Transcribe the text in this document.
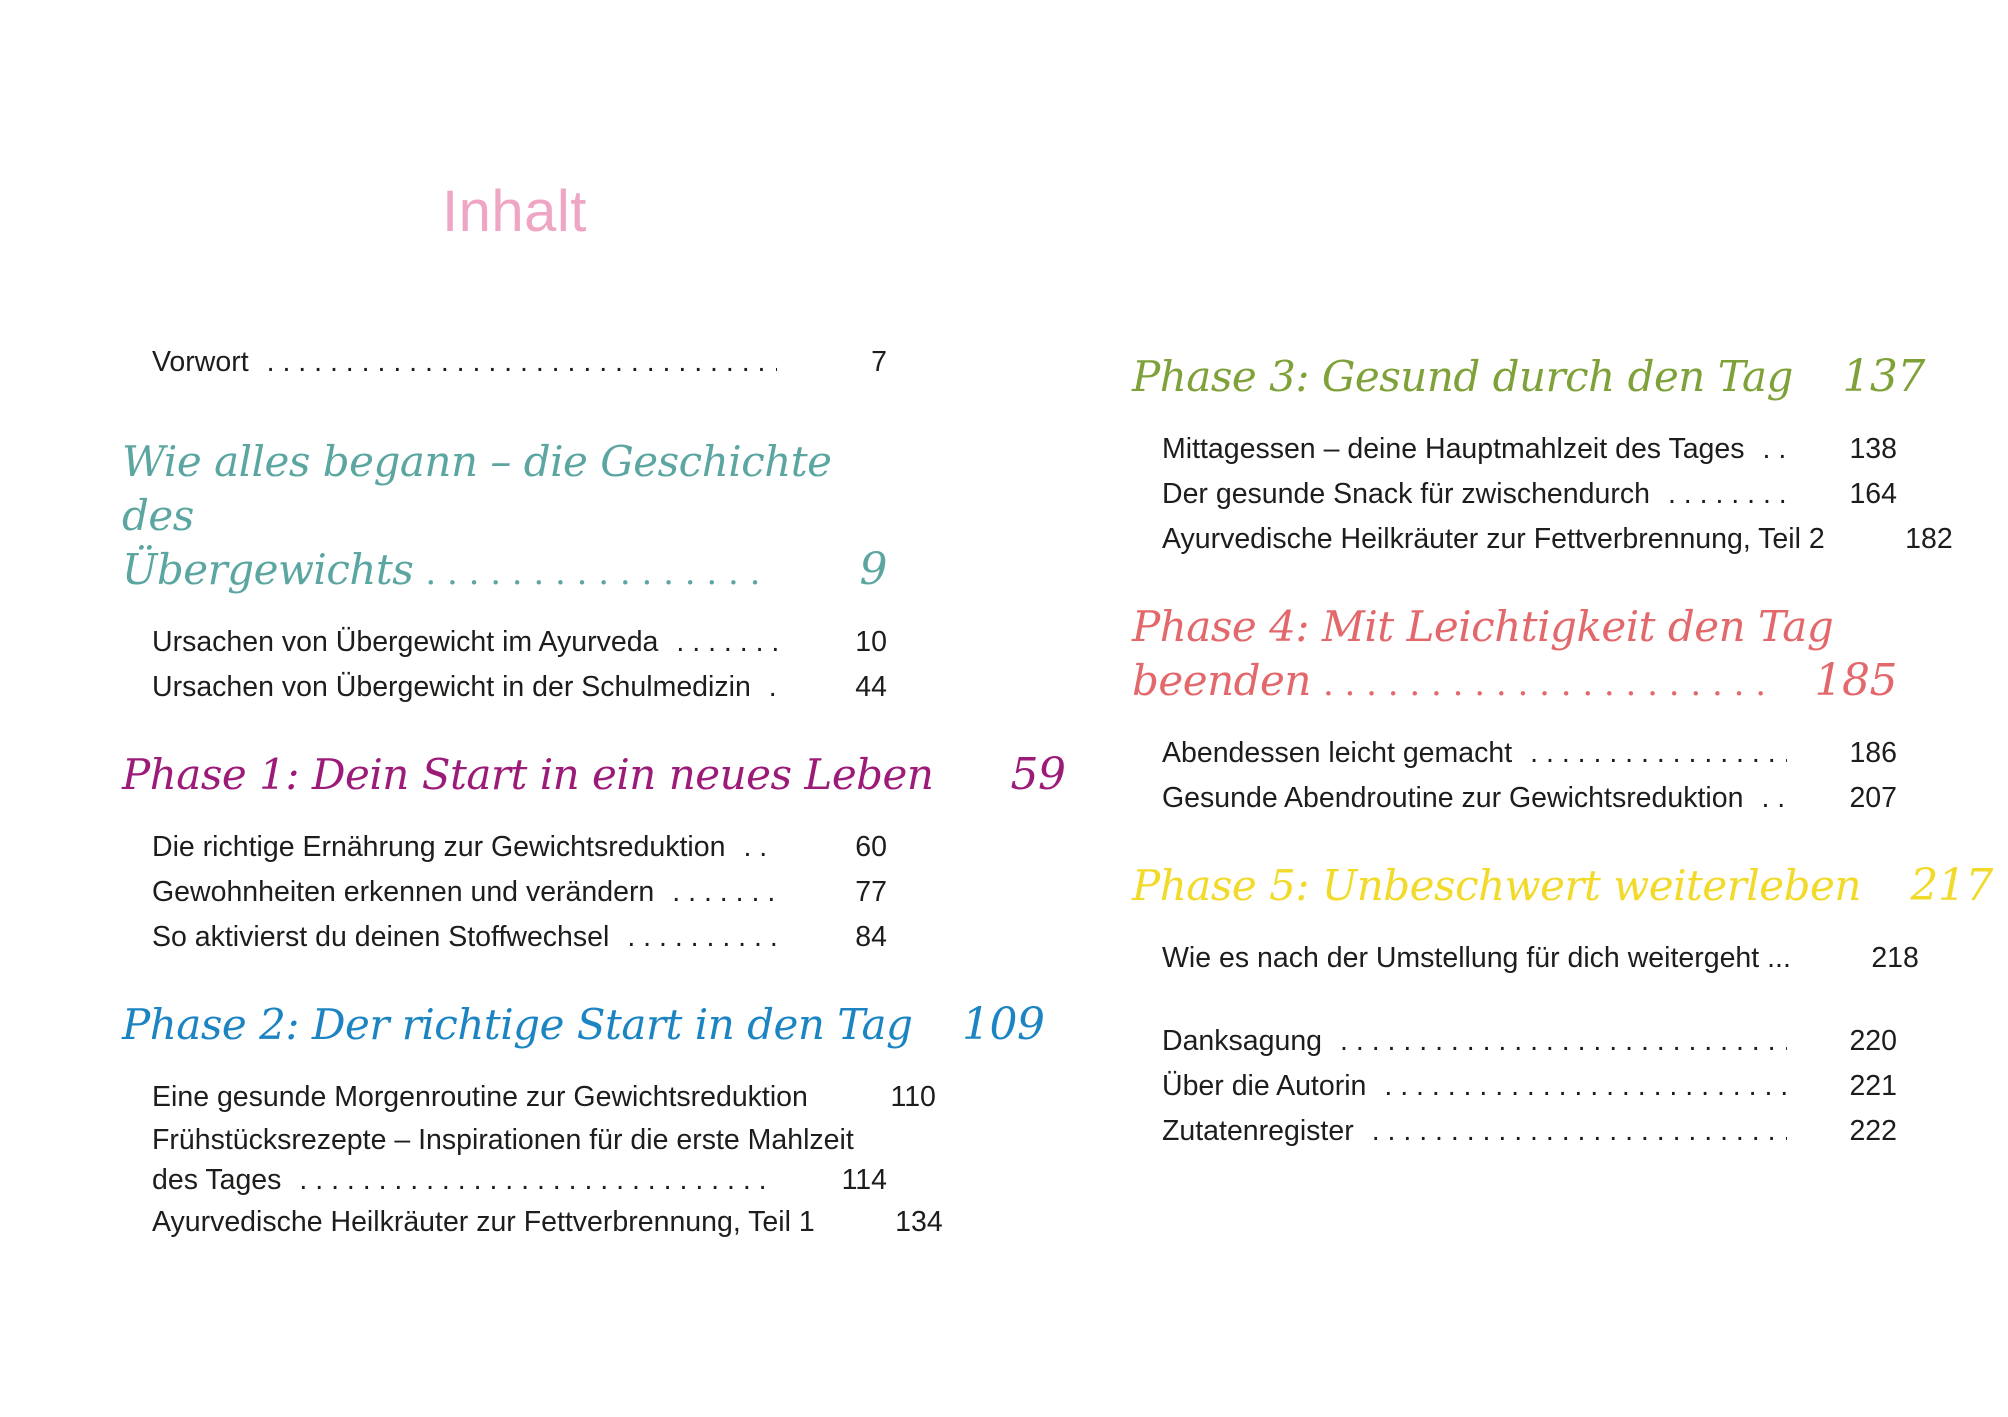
Inhalt
Vorwort . . .	7
Wie alles begann – die Geschichte des
Übergewichts . . .	9
Ursachen von Übergewicht im Ayurveda . . .	10
Ursachen von Übergewicht in der Schulmedizin . . .	44
Phase 1: Dein Start in ein neues Leben	59
Die richtige Ernährung zur Gewichtsreduktion . . .	60
Gewohnheiten erkennen und verändern . . .	77
So aktivierst du deinen Stoffwechsel . . .	84
Phase 2: Der richtige Start in den Tag	109
Eine gesunde Morgenroutine zur Gewichtsreduktion	110
Frühstücksrezepte – Inspirationen für die erste Mahlzeit
des Tages . . .	114
Ayurvedische Heilkräuter zur Fettverbrennung, Teil 1	134
Phase 3: Gesund durch den Tag	137
Mittagessen – deine Hauptmahlzeit des Tages . . .	138
Der gesunde Snack für zwischendurch . . .	164
Ayurvedische Heilkräuter zur Fettverbrennung, Teil 2	182
Phase 4: Mit Leichtigkeit den Tag
beenden . . .	185
Abendessen leicht gemacht . . .	186
Gesunde Abendroutine zur Gewichtsreduktion . . .	207
Phase 5: Unbeschwert weiterleben	217
Wie es nach der Umstellung für dich weitergeht ...	218
Danksagung . . .	220
Über die Autorin . . .	221
Zutatenregister . . .	222
